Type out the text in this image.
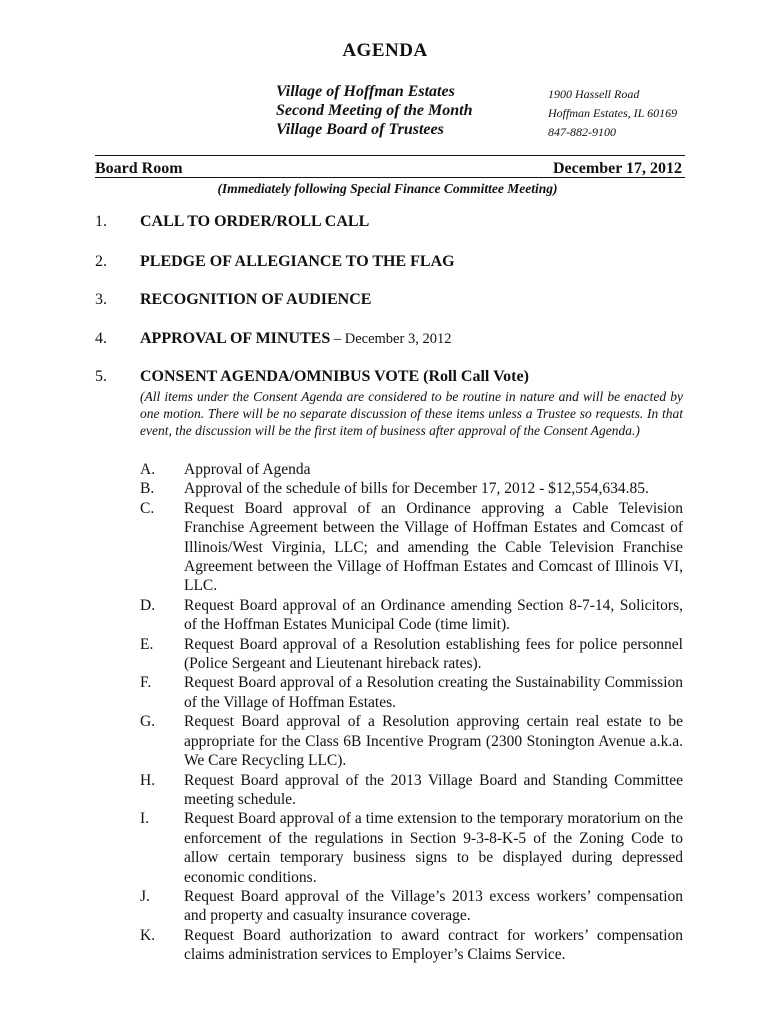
AGENDA
Village of Hoffman Estates
Second Meeting of the Month
Village Board of Trustees
1900 Hassell Road
Hoffman Estates, IL 60169
847-882-9100
Board Room	December 17, 2012
(Immediately following Special Finance Committee Meeting)
1. CALL TO ORDER/ROLL CALL
2. PLEDGE OF ALLEGIANCE TO THE FLAG
3. RECOGNITION OF AUDIENCE
4. APPROVAL OF MINUTES – December 3, 2012
5. CONSENT AGENDA/OMNIBUS VOTE (Roll Call Vote)
(All items under the Consent Agenda are considered to be routine in nature and will be enacted by one motion. There will be no separate discussion of these items unless a Trustee so requests. In that event, the discussion will be the first item of business after approval of the Consent Agenda.)
A. Approval of Agenda
B. Approval of the schedule of bills for December 17, 2012 - $12,554,634.85.
C. Request Board approval of an Ordinance approving a Cable Television Franchise Agreement between the Village of Hoffman Estates and Comcast of Illinois/West Virginia, LLC; and amending the Cable Television Franchise Agreement between the Village of Hoffman Estates and Comcast of Illinois VI, LLC.
D. Request Board approval of an Ordinance amending Section 8-7-14, Solicitors, of the Hoffman Estates Municipal Code (time limit).
E. Request Board approval of a Resolution establishing fees for police personnel (Police Sergeant and Lieutenant hireback rates).
F. Request Board approval of a Resolution creating the Sustainability Commission of the Village of Hoffman Estates.
G. Request Board approval of a Resolution approving certain real estate to be appropriate for the Class 6B Incentive Program (2300 Stonington Avenue a.k.a. We Care Recycling LLC).
H. Request Board approval of the 2013 Village Board and Standing Committee meeting schedule.
I. Request Board approval of a time extension to the temporary moratorium on the enforcement of the regulations in Section 9-3-8-K-5 of the Zoning Code to allow certain temporary business signs to be displayed during depressed economic conditions.
J. Request Board approval of the Village’s 2013 excess workers’ compensation and property and casualty insurance coverage.
K. Request Board authorization to award contract for workers’ compensation claims administration services to Employer’s Claims Service.
